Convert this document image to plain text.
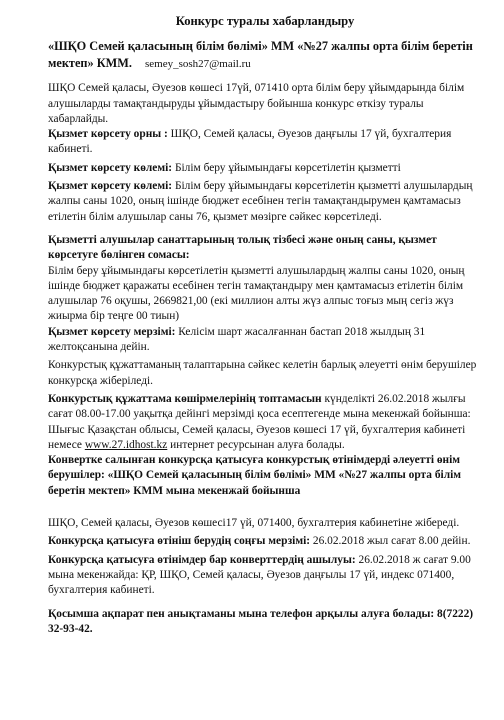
Конкурс туралы хабарландыру
«ШҚО Семей қаласының білім бөлімі» ММ «№27 жалпы орта білім беретін мектеп» КММ. semey_sosh27@mail.ru

ШҚО Семей қаласы, Әуезов көшесі 17үй, 071410 орта білім беру ұйымдарында білім алушыларды тамақтандыруды ұйымдастыру бойынша конкурс өткізу туралы хабарлайды.

Қызмет көрсету орны : ШҚО, Семей қаласы, Әуезов даңғылы 17 үй, бухгалтерия кабинеті.

Қызмет көрсету көлемі: Білім беру ұйымындағы көрсетілетін қызметті

Қызмет көрсету көлемі: Білім беру ұйымындағы көрсетілетін қызметті алушылардың жалпы саны 1020, оның ішінде бюджет есебінен тегін тамақтандырумен қамтамасыз етілетін білім алушылар саны 76, қызмет мөзірге сәйкес көрсетіледі.

Қызметті алушылар санаттарының толық тізбесі және оның саны, қызмет көрсетуге бөлінген сомасы:

Білім беру ұйымындағы көрсетілетін қызметті алушылардың жалпы саны 1020, оның ішінде бюджет қаражаты есебінен тегін тамақтандыру мен қамтамасыз етілетін білім алушылар 76 оқушы, 2669821,00 (екі миллион алты жүз алпыс тоғыз мың сегіз жүз жиырма бір теңге 00 тиын)

Қызмет көрсету мерзімі: Келісім шарт жасалғаннан бастап 2018 жылдың 31 желтоқсанына дейін.

Конкурстық құжаттаманың талаптарына сәйкес келетін барлық әлеуетті өнім берушілер конкурсқа жіберіледі.

Конкурстық құжаттама көшірмелерінің топтамасын күнделікті 26.02.2018 жылғы сағат 08.00-17.00 уақытқа дейінгі мерзімді қоса есептегенде мына мекенжай бойынша: Шығыс Қазақстан облысы, Семей қаласы, Әуезов көшесі 17 үй, бухгалтерия кабинеті немесе www.27.idhost.kz интернет ресурсынан алуға болады.

Конвертке салынған конкурсқа қатысуға конкурстық өтінімдерді әлеуетті өнім берушілер: «ШҚО Семей қаласының білім бөлімі» ММ «№27 жалпы орта білім беретін мектеп» КММ мына мекенжай бойынша

ШҚО, Семей қаласы, Әуезов көшесі17 үй, 071400, бухгалтерия кабинетіне жібереді.

Конкурсқа қатысуға өтініш берудің соңғы мерзімі: 26.02.2018 жыл сағат 8.00 дейін.

Конкурсқа қатысуға өтінімдер бар конверттердің ашылуы: 26.02.2018 ж сағат 9.00 мына мекенжайда: ҚР, ШҚО, Семей қаласы, Әуезов даңғылы 17 үй, индекс 071400, бухгалтерия кабинеті.

Қосымша ақпарат пен анықтаманы мына телефон арқылы алуға болады: 8(7222) 32-93-42.
